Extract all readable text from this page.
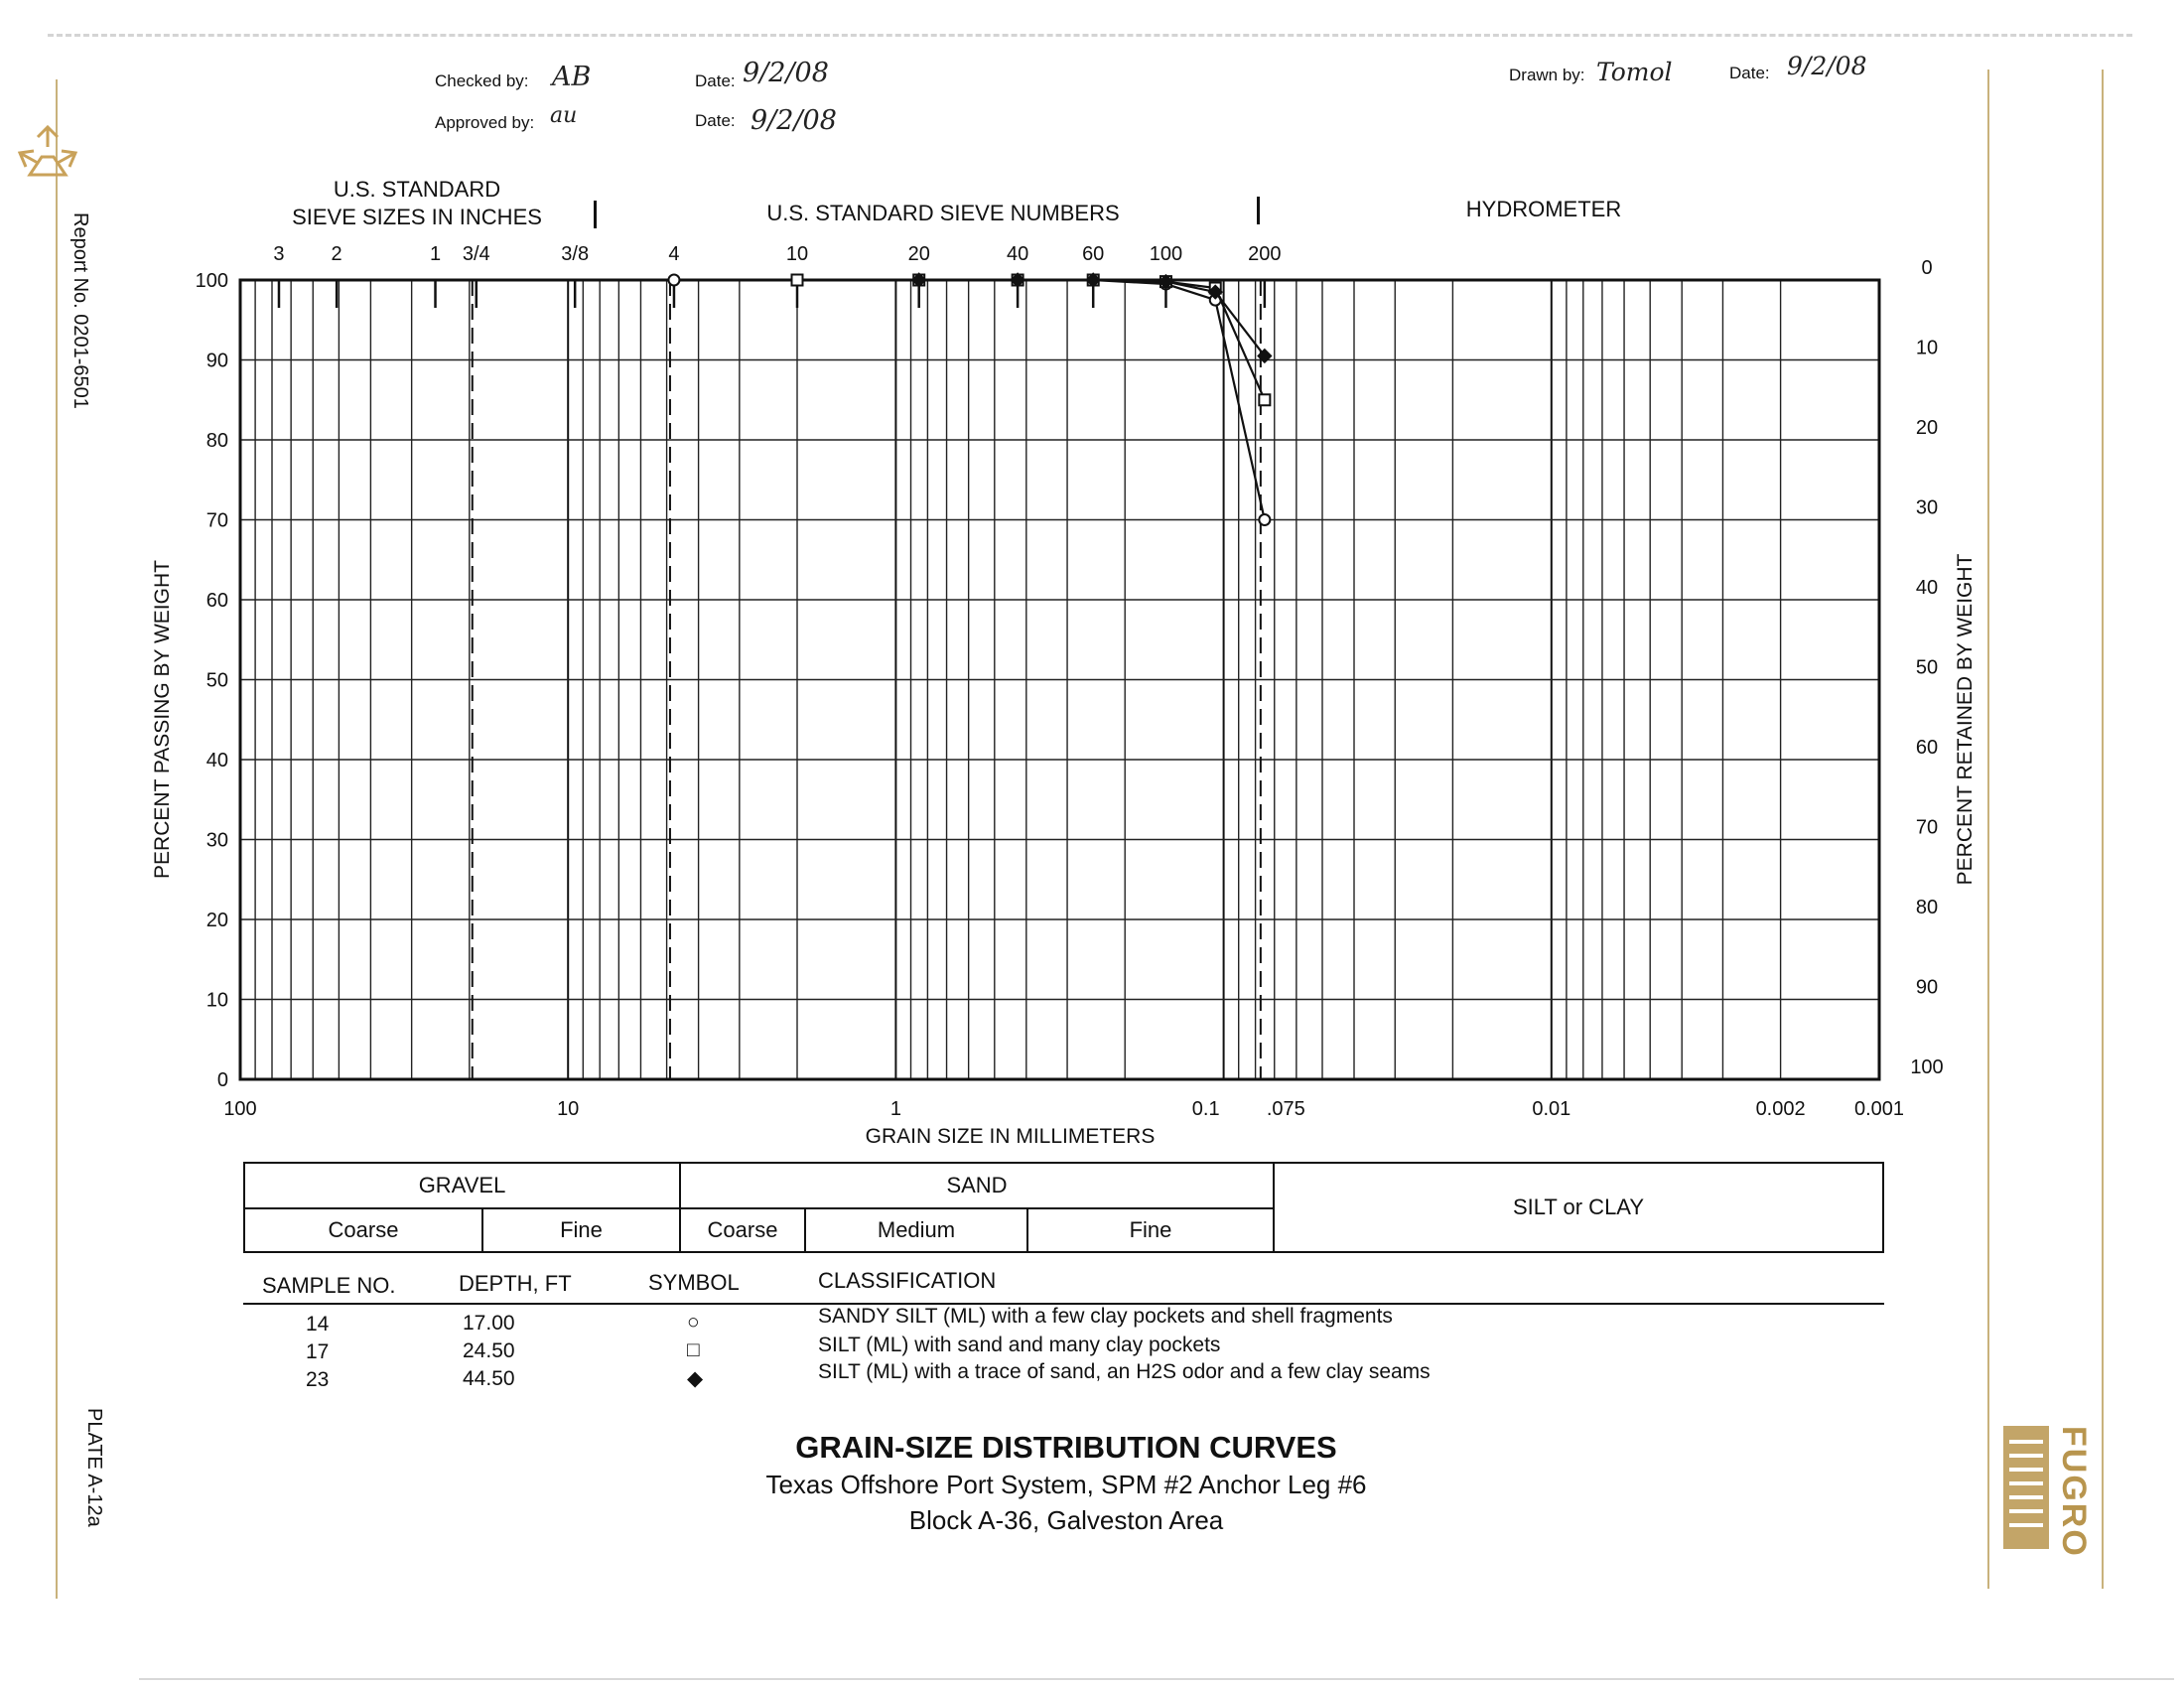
Report No. 0201-6501
PLATE A-12a	FUGRO
Checked by: AB	Date: 9/2/08
Approved by: au	Date: 9/2/08
Drawn by: Tomol	Date: 9/2/08
U.S. STANDARD
SIEVE SIZES IN INCHES	U.S. STANDARD SIEVE NUMBERS	HYDROMETER
3 2	1 3/4	3/8	4	10	20	40	60 100	200
0
10
20
30
40
50
60
70
80
90
100
0
10
20
30
40
50
60
70
80
90
100
100	10	1	0.1 .075	0.01	0.002 0.001
GRAIN SIZE IN MILLIMETERS
PERCENT PASSING BY WEIGHT	PERCENT RETAINED BY WEIGHT
GRAVEL		SAND			SILT or CLAY
Coarse	Fine	Coarse	Medium	Fine	
SAMPLE NO.	DEPTH, FT	SYMBOL	CLASSIFICATION
14	17.00	○	SANDY SILT (ML) with a few clay pockets and shell fragments
17	24.50	□	SILT (ML) with sand and many clay pockets
23	44.50	◆	SILT (ML) with a trace of sand, an H2S odor and a few clay seams
GRAIN-SIZE DISTRIBUTION CURVES
Texas Offshore Port System, SPM #2 Anchor Leg #6
Block A-36, Galveston Area
